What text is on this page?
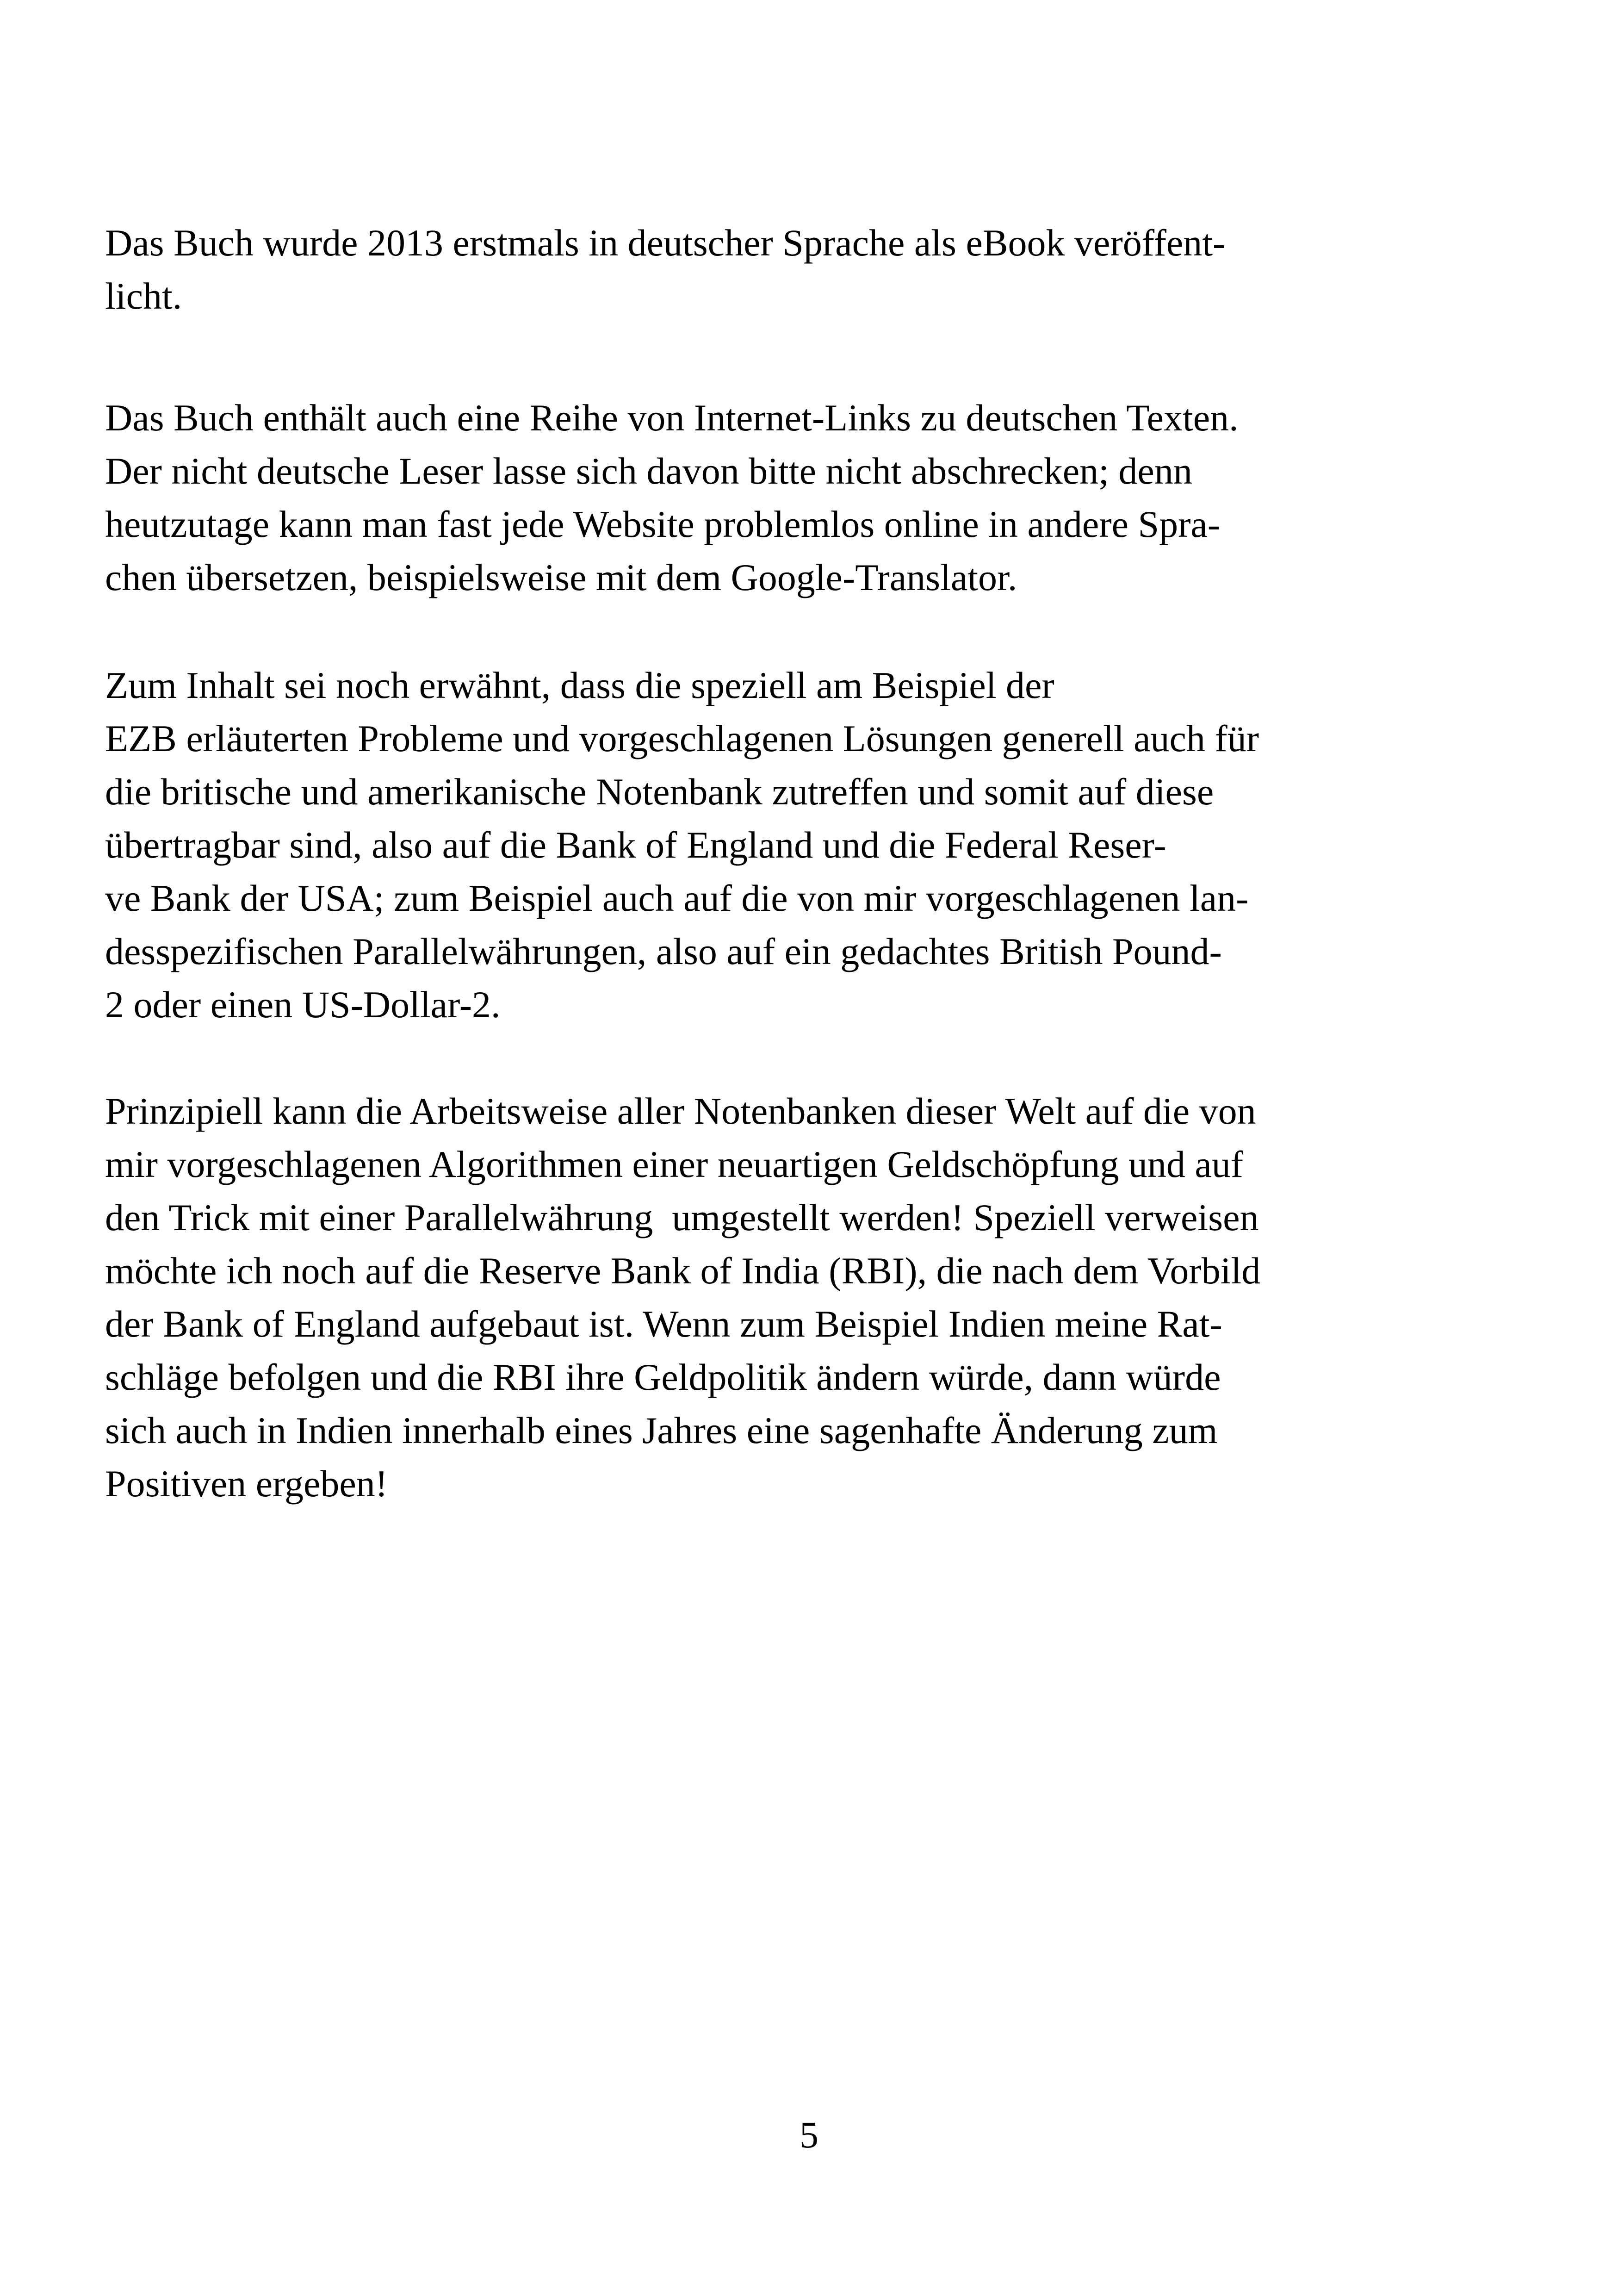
Das Buch wurde 2013 erstmals in deutscher Sprache als eBook veröffent-
licht.

Das Buch enthält auch eine Reihe von Internet-Links zu deutschen Texten.
Der nicht deutsche Leser lasse sich davon bitte nicht abschrecken; denn
heutzutage kann man fast jede Website problemlos online in andere Spra-
chen übersetzen, beispielsweise mit dem Google-Translator.

Zum Inhalt sei noch erwähnt, dass die speziell am Beispiel der
EZB erläuterten Probleme und vorgeschlagenen Lösungen generell auch für
die britische und amerikanische Notenbank zutreffen und somit auf diese
übertragbar sind, also auf die Bank of England und die Federal Reser-
ve Bank der USA; zum Beispiel auch auf die von mir vorgeschlagenen lan-
desspezifischen Parallelwährungen, also auf ein gedachtes British Pound-
2 oder einen US-Dollar-2.

Prinzipiell kann die Arbeitsweise aller Notenbanken dieser Welt auf die von
mir vorgeschlagenen Algorithmen einer neuartigen Geldschöpfung und auf
den Trick mit einer Parallelwährung  umgestellt werden! Speziell verweisen
möchte ich noch auf die Reserve Bank of India (RBI), die nach dem Vorbild
der Bank of England aufgebaut ist. Wenn zum Beispiel Indien meine Rat-
schläge befolgen und die RBI ihre Geldpolitik ändern würde, dann würde
sich auch in Indien innerhalb eines Jahres eine sagenhafte Änderung zum
Positiven ergeben!

5
